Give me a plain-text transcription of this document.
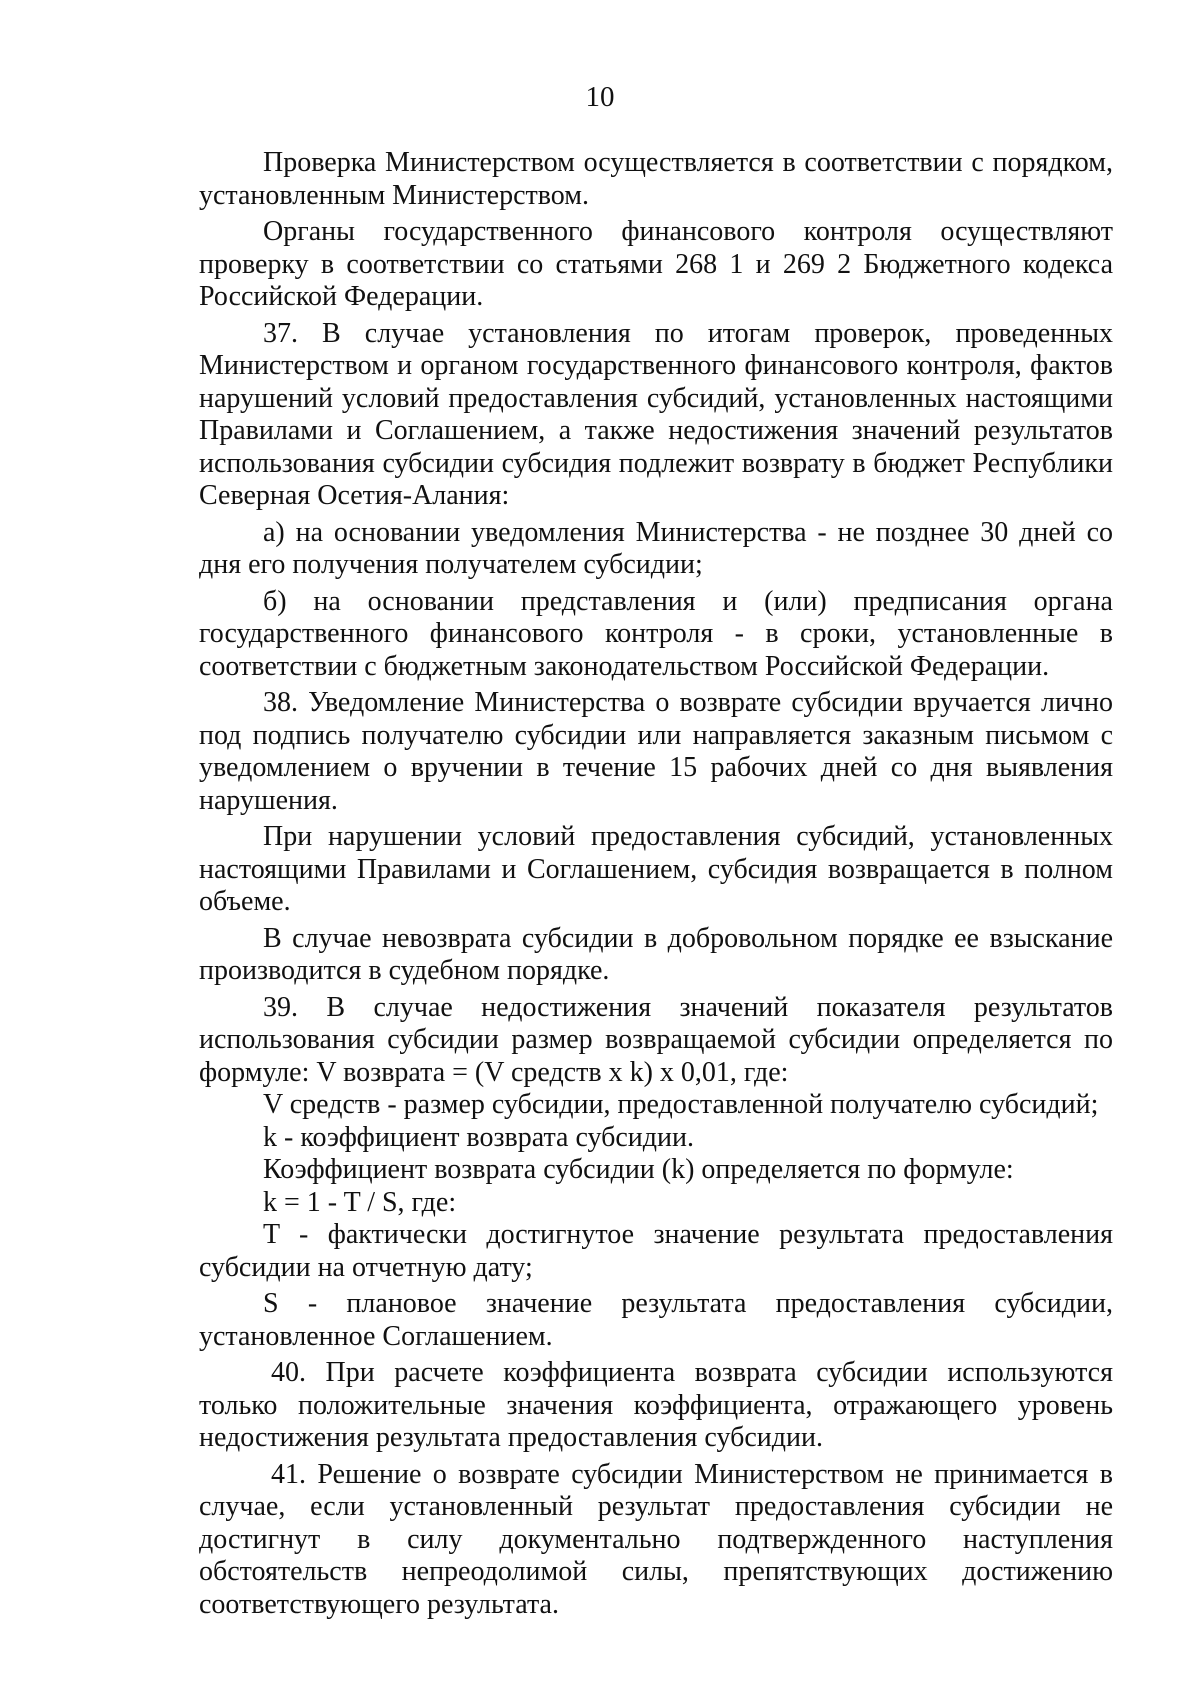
10

Проверка Министерством осуществляется в соответствии с порядком, установленным Министерством.

Органы государственного финансового контроля осуществляют проверку в соответствии со статьями 268 1 и 269 2 Бюджетного кодекса Российской Федерации.

37. В случае установления по итогам проверок, проведенных Министерством и органом государственного финансового контроля, фактов нарушений условий предоставления субсидий, установленных настоящими Правилами и Соглашением, а также недостижения значений результатов использования субсидии субсидия подлежит возврату в бюджет Республики Северная Осетия-Алания:

а) на основании уведомления Министерства - не позднее 30 дней со дня его получения получателем субсидии;

б) на основании представления и (или) предписания органа государственного финансового контроля - в сроки, установленные в соответствии с бюджетным законодательством Российской Федерации.

38. Уведомление Министерства о возврате субсидии вручается лично под подпись получателю субсидии или направляется заказным письмом с уведомлением о вручении в течение 15 рабочих дней со дня выявления нарушения.

При нарушении условий предоставления субсидий, установленных настоящими Правилами и Соглашением, субсидия возвращается в полном объеме.

В случае невозврата субсидии в добровольном порядке ее взыскание производится в судебном порядке.

39. В случае недостижения значений показателя результатов использования субсидии размер возвращаемой субсидии определяется по формуле: V возврата = (V средств x k) x 0,01, где:

V средств - размер субсидии, предоставленной получателю субсидий;

k - коэффициент возврата субсидии.

Коэффициент возврата субсидии (k) определяется по формуле:

k = 1 - T / S, где:

T - фактически достигнутое значение результата предоставления субсидии на отчетную дату;

S - плановое значение результата предоставления субсидии, установленное Соглашением.

40. При расчете коэффициента возврата субсидии используются только положительные значения коэффициента, отражающего уровень недостижения результата предоставления субсидии.

41. Решение о возврате субсидии Министерством не принимается в случае, если установленный результат предоставления субсидии не достигнут в силу документально подтвержденного наступления обстоятельств непреодолимой силы, препятствующих достижению соответствующего результата.
